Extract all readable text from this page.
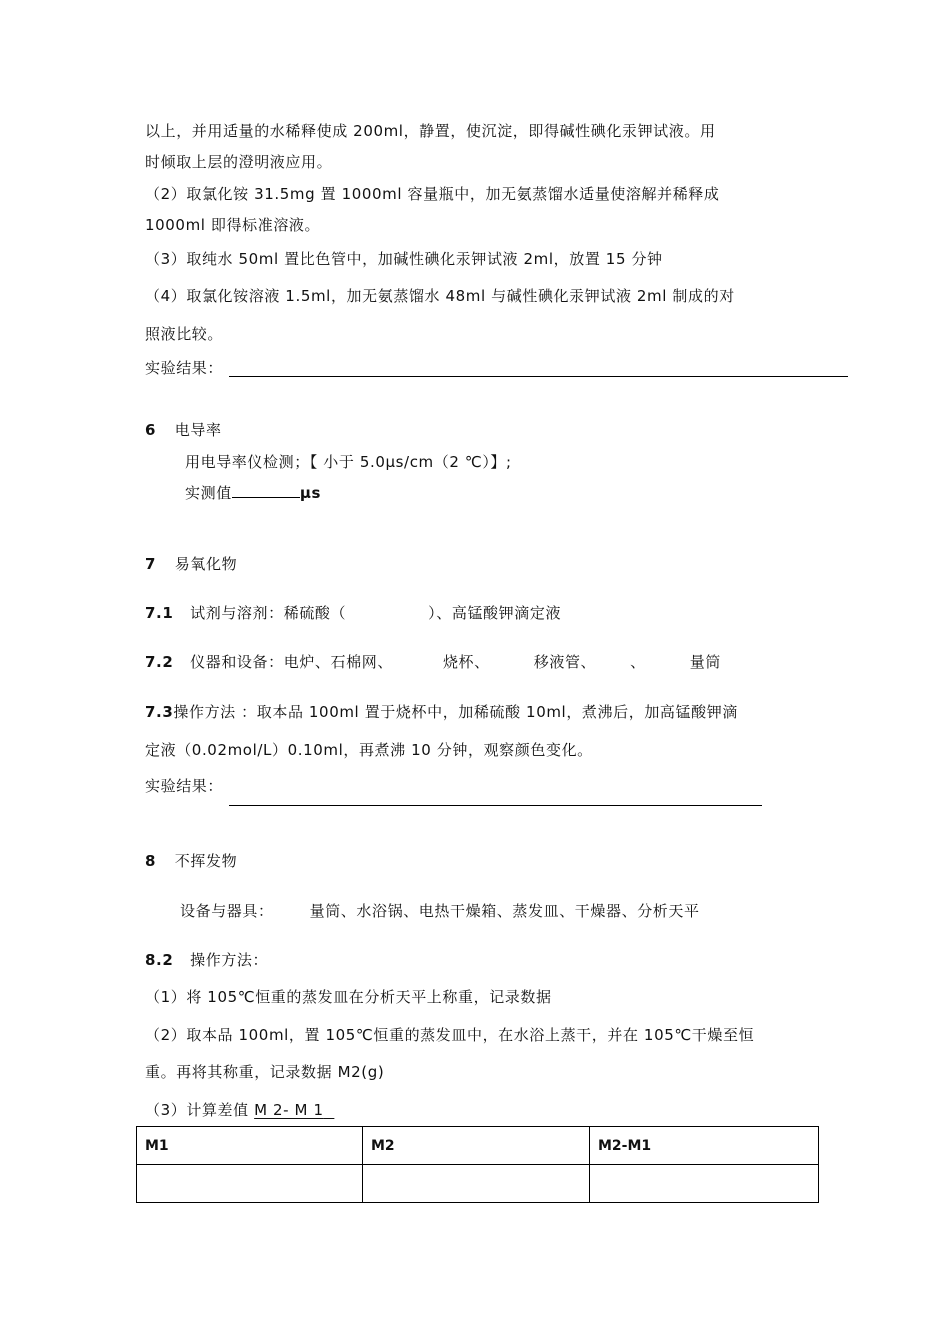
以上，并用适量的水稀释使成 200ml，静置，使沉淀，即得碱性碘化汞钾试液。用
时倾取上层的澄明液应用。
（2）取氯化铵 31.5mg 置 1000ml 容量瓶中，加无氨蒸馏水适量使溶解并稀释成
1000ml 即得标准溶液。
（3）取纯水 50ml 置比色管中，加碱性碘化汞钾试液 2ml，放置 15 分钟
（4）取氯化铵溶液 1.5ml，加无氨蒸馏水 48ml 与碱性碘化汞钾试液 2ml 制成的对
照液比较。
实验结果：
6 电导率
用电导率仪检测；【 小于 5.0μs/cm（2 ℃）】;
实测值	μs
7 易氧化物
7.1 试剂与溶剂：稀硫酸（	）、高锰酸钾滴定液
7.2 仪器和设备：电炉、石棉网、	烧杯、	移液管、 、	量筒
7.3操作方法 ：取本品 100ml 置于烧杯中，加稀硫酸 10ml，煮沸后，加高锰酸钾滴
定液（0.02mol/L）0.10ml，再煮沸 10 分钟，观察颜色变化。
实验结果：
8 不挥发物
设备与器具： 量筒、水浴锅、电热干燥箱、蒸发皿、干燥器、分析天平
8.2 操作方法：
（1）将 105℃恒重的蒸发皿在分析天平上称重，记录数据
（2）取本品 100ml，置 105℃恒重的蒸发皿中，在水浴上蒸干，并在 105℃干燥至恒
重。再将其称重，记录数据 M2(g)
（3）计算差值 M 2- M 1
M1	M2	M2-M1
